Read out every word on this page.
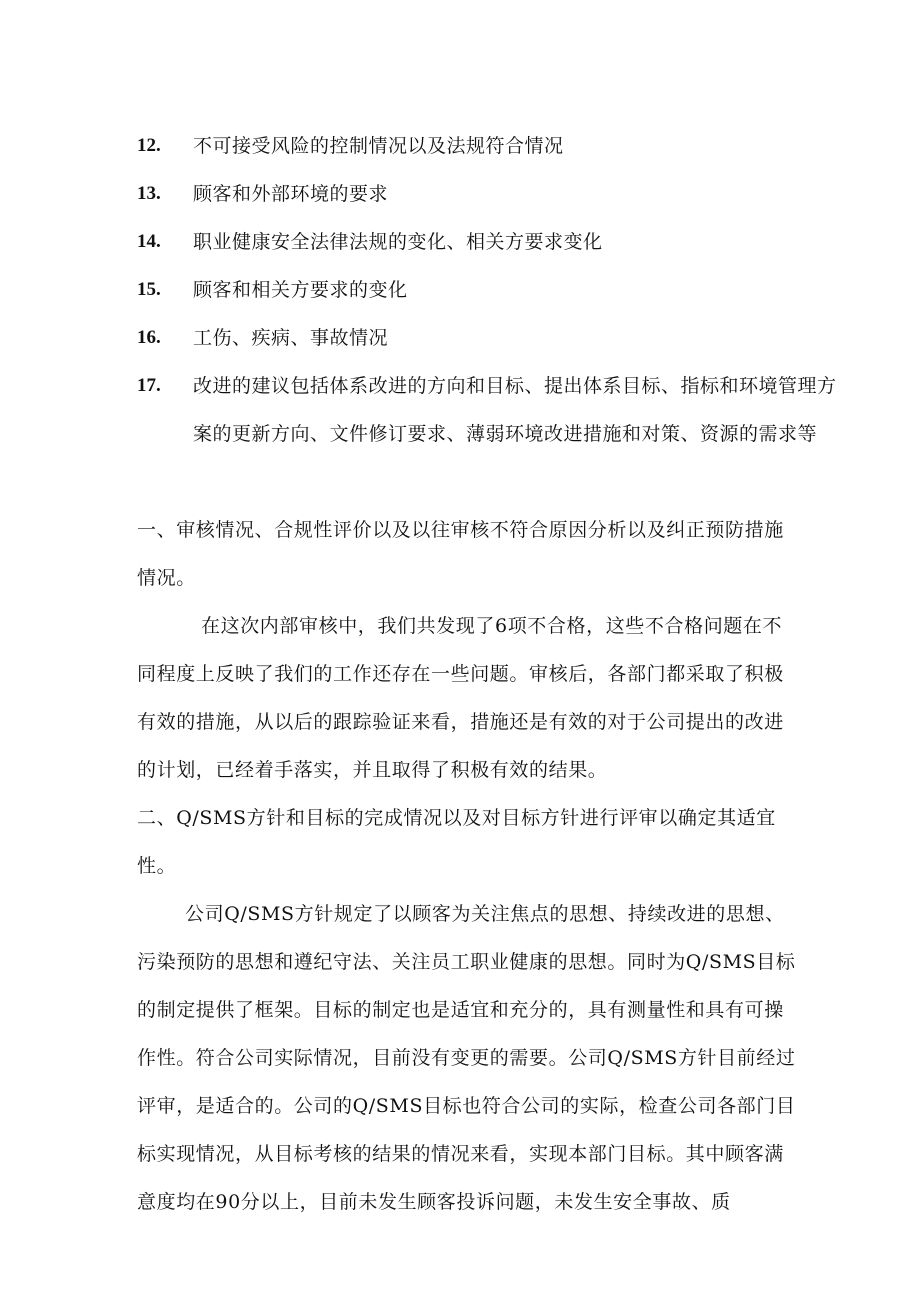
12.	不可接受风险的控制情况以及法规符合情况
13.	顾客和外部环境的要求
14.	职业健康安全法律法规的变化、相关方要求变化
15.	顾客和相关方要求的变化
16.	工伤、疾病、事故情况
17.	改进的建议包括体系改进的方向和目标、提出体系目标、指标和环境管理方案的更新方向、文件修订要求、薄弱环境改进措施和对策、资源的需求等

一、审核情况、合规性评价以及以往审核不符合原因分析以及纠正预防措施情况。

在这次内部审核中，我们共发现了6项不合格，这些不合格问题在不同程度上反映了我们的工作还存在一些问题。审核后，各部门都采取了积极有效的措施，从以后的跟踪验证来看，措施还是有效的对于公司提出的改进的计划，已经着手落实，并且取得了积极有效的结果。

二、Q/SMS方针和目标的完成情况以及对目标方针进行评审以确定其适宜性。

公司Q/SMS方针规定了以顾客为关注焦点的思想、持续改进的思想、污染预防的思想和遵纪守法、关注员工职业健康的思想。同时为Q/SMS目标的制定提供了框架。目标的制定也是适宜和充分的，具有测量性和具有可操作性。符合公司实际情况，目前没有变更的需要。公司Q/SMS方针目前经过评审，是适合的。公司的Q/SMS目标也符合公司的实际，检查公司各部门目标实现情况，从目标考核的结果的情况来看，实现本部门目标。其中顾客满意度均在90分以上，目前未发生顾客投诉问题，未发生安全事故、质
